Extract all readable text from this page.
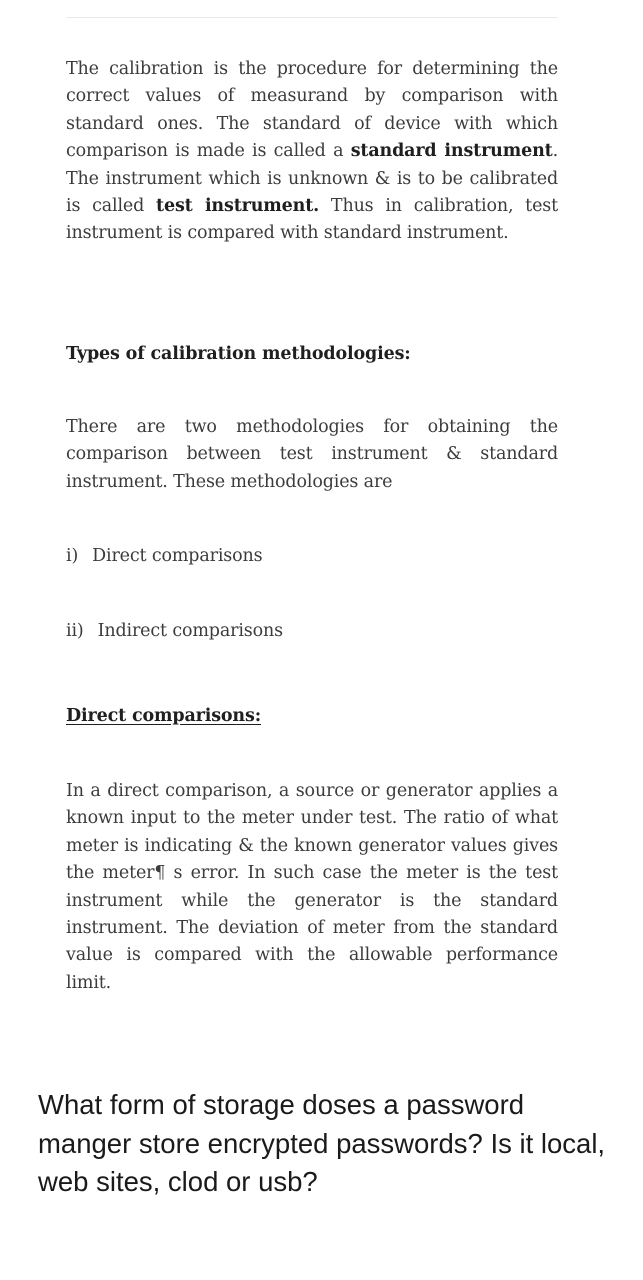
The calibration is the procedure for determining the correct values of measurand by comparison with standard ones. The standard of device with which comparison is made is called a standard instrument. The instrument which is unknown & is to be calibrated is called test instrument. Thus in calibration, test instrument is compared with standard instrument.

Types of calibration methodologies:

There are two methodologies for obtaining the comparison between test instrument & standard instrument. These methodologies are

i) Direct comparisons

ii) Indirect comparisons

Direct comparisons:

In a direct comparison, a source or generator applies a known input to the meter under test. The ratio of what meter is indicating & the known generator values gives the meter¶ s error. In such case the meter is the test instrument while the generator is the standard instrument. The deviation of meter from the standard value is compared with the allowable performance limit.

What form of storage doses a password manger store encrypted passwords? Is it local, web sites, clod or usb?
